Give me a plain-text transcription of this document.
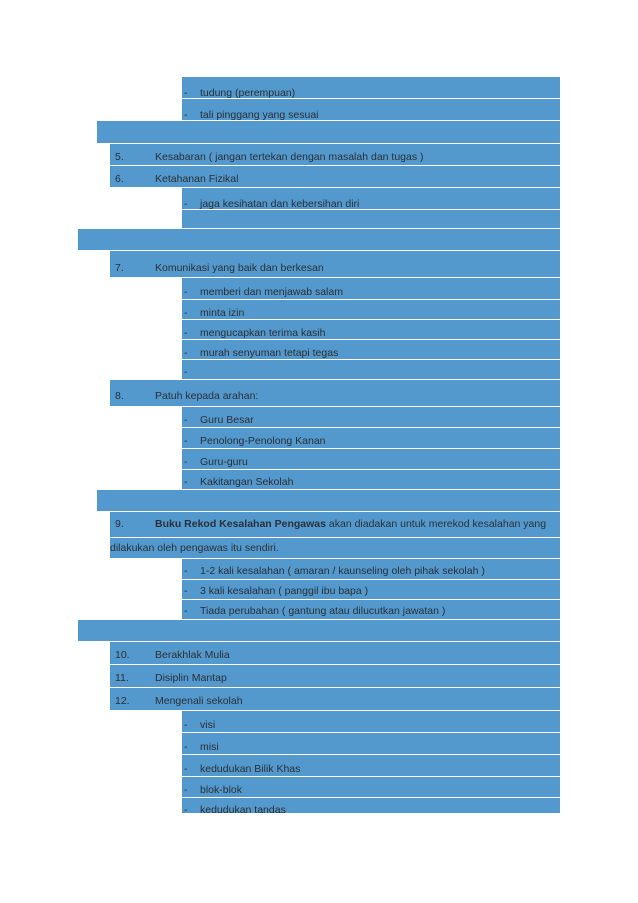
-
-
-
-
-
-
-
-
-
-
-
-
-
-
-
-
-
-
-
-
tudung (perempuan)
tali pinggang yang sesuai
5.	Kesabaran ( jangan tertekan dengan masalah dan tugas )
6.	Ketahanan Fizikal
jaga kesihatan dan kebersihan diri
7.	Komunikasi yang baik dan berkesan
memberi dan menjawab salam
minta izin
mengucapkan terima kasih
murah senyuman tetapi tegas
8.	Patuh kepada arahan:
Guru Besar
Penolong-Penolong Kanan
Guru-guru
Kakitangan Sekolah
9.	Buku Rekod Kesalahan Pengawas akan diadakan untuk merekod kesalahan yang
dilakukan oleh pengawas itu sendiri.
1-2 kali kesalahan ( amaran / kaunseling oleh pihak sekolah )
3 kali kesalahan ( panggil ibu bapa )
Tiada perubahan ( gantung atau dilucutkan jawatan )
10. Berakhlak Mulia
11. Disiplin Mantap
12. Mengenali sekolah
visi
misi
kedudukan Bilik Khas
blok-blok
kedudukan tandas
